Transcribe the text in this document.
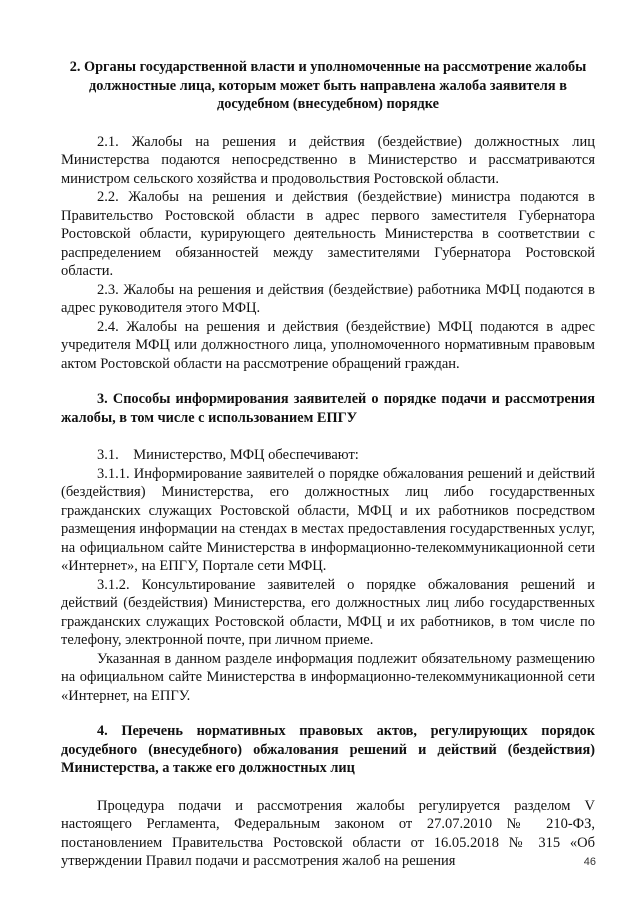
2. Органы государственной власти и уполномоченные на рассмотрение жалобы должностные лица, которым может быть направлена жалоба заявителя в досудебном (внесудебном) порядке

2.1. Жалобы на решения и действия (бездействие) должностных лиц Министерства подаются непосредственно в Министерство и рассматриваются министром сельского хозяйства и продовольствия Ростовской области.

2.2. Жалобы на решения и действия (бездействие) министра подаются в Правительство Ростовской области в адрес первого заместителя Губернатора Ростовской области, курирующего деятельность Министерства в соответствии с распределением обязанностей между заместителями Губернатора Ростовской области.

2.3. Жалобы на решения и действия (бездействие) работника МФЦ подаются в адрес руководителя этого МФЦ.

2.4. Жалобы на решения и действия (бездействие) МФЦ подаются в адрес учредителя МФЦ или должностного лица, уполномоченного нормативным правовым актом Ростовской области на рассмотрение обращений граждан.

3. Способы информирования заявителей о порядке подачи и рассмотрения жалобы, в том числе с использованием ЕПГУ

3.1. Министерство, МФЦ обеспечивают:

3.1.1. Информирование заявителей о порядке обжалования решений и действий (бездействия) Министерства, его должностных лиц либо государственных гражданских служащих Ростовской области, МФЦ и их работников посредством размещения информации на стендах в местах предоставления государственных услуг, на официальном сайте Министерства в информационно-телекоммуникационной сети «Интернет», на ЕПГУ, Портале сети МФЦ.

3.1.2. Консультирование заявителей о порядке обжалования решений и действий (бездействия) Министерства, его должностных лиц либо государственных гражданских служащих Ростовской области, МФЦ и их работников, в том числе по телефону, электронной почте, при личном приеме.

Указанная в данном разделе информация подлежит обязательному размещению на официальном сайте Министерства в информационно-телекоммуникационной сети «Интернет, на ЕПГУ.

4. Перечень нормативных правовых актов, регулирующих порядок досудебного (внесудебного) обжалования решений и действий (бездействия) Министерства, а также его должностных лиц

Процедура подачи и рассмотрения жалобы регулируется разделом V настоящего Регламента, Федеральным законом от 27.07.2010 № 210-ФЗ, постановлением Правительства Ростовской области от 16.05.2018 № 315 «Об утверждении Правил подачи и рассмотрения жалоб на решения	46
